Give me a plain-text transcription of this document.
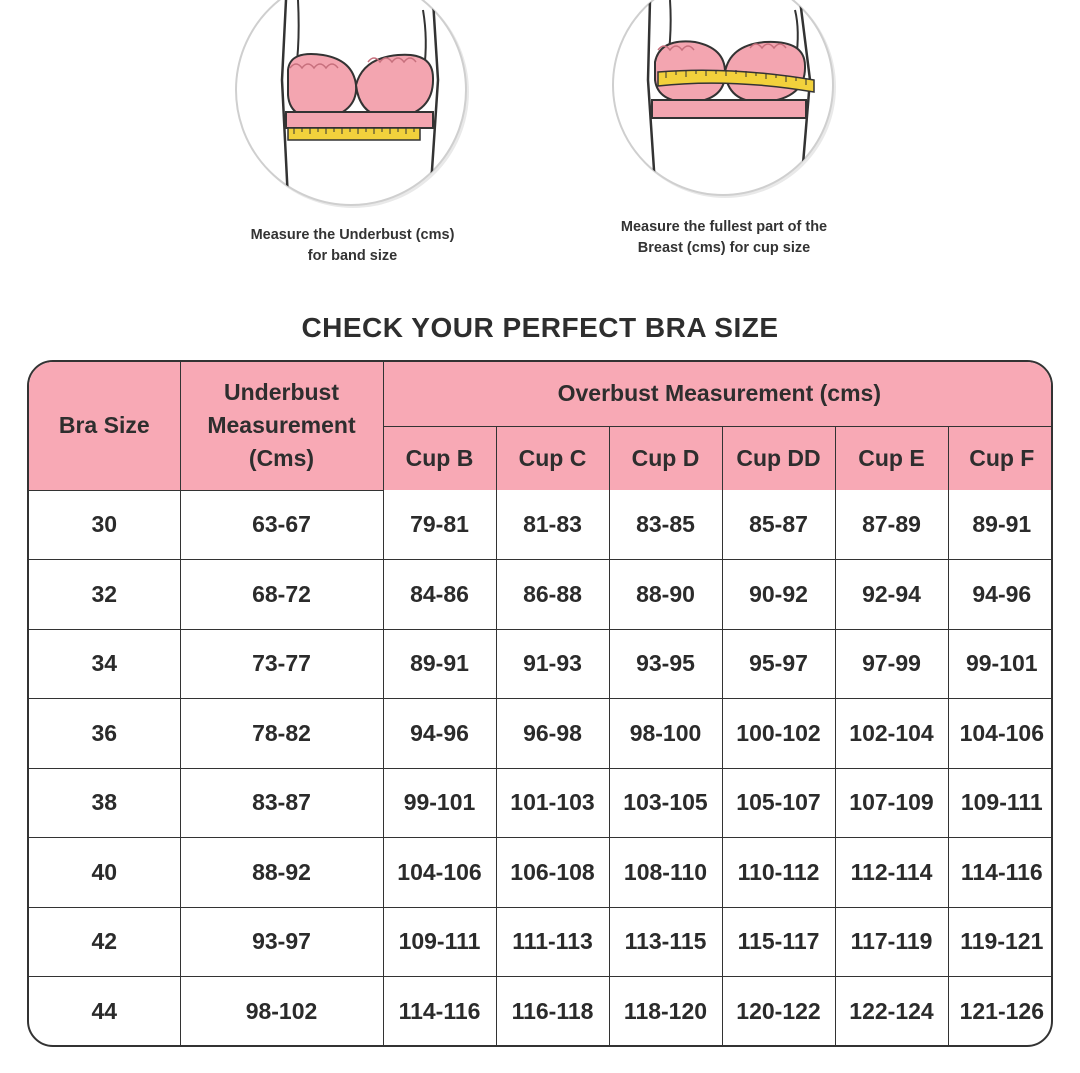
Measure the Underbust (cms)
for band size
Measure the fullest part of the
Breast (cms) for cup size
CHECK YOUR PERFECT BRA SIZE
Bra Size	Underbust
Measurement
(Cms)	Overbust Measurement (cms)					
		Cup B	Cup C	Cup D	Cup DD	Cup E	Cup F
30	63-67	79-81	81-83	83-85	85-87	87-89	89-91
32	68-72	84-86	86-88	88-90	90-92	92-94	94-96
34	73-77	89-91	91-93	93-95	95-97	97-99	99-101
36	78-82	94-96	96-98	98-100	100-102	102-104	104-106
38	83-87	99-101	101-103	103-105	105-107	107-109	109-111
40	88-92	104-106	106-108	108-110	110-112	112-114	114-116
42	93-97	109-111	111-113	113-115	115-117	117-119	119-121
44	98-102	114-116	116-118	118-120	120-122	122-124	121-126
